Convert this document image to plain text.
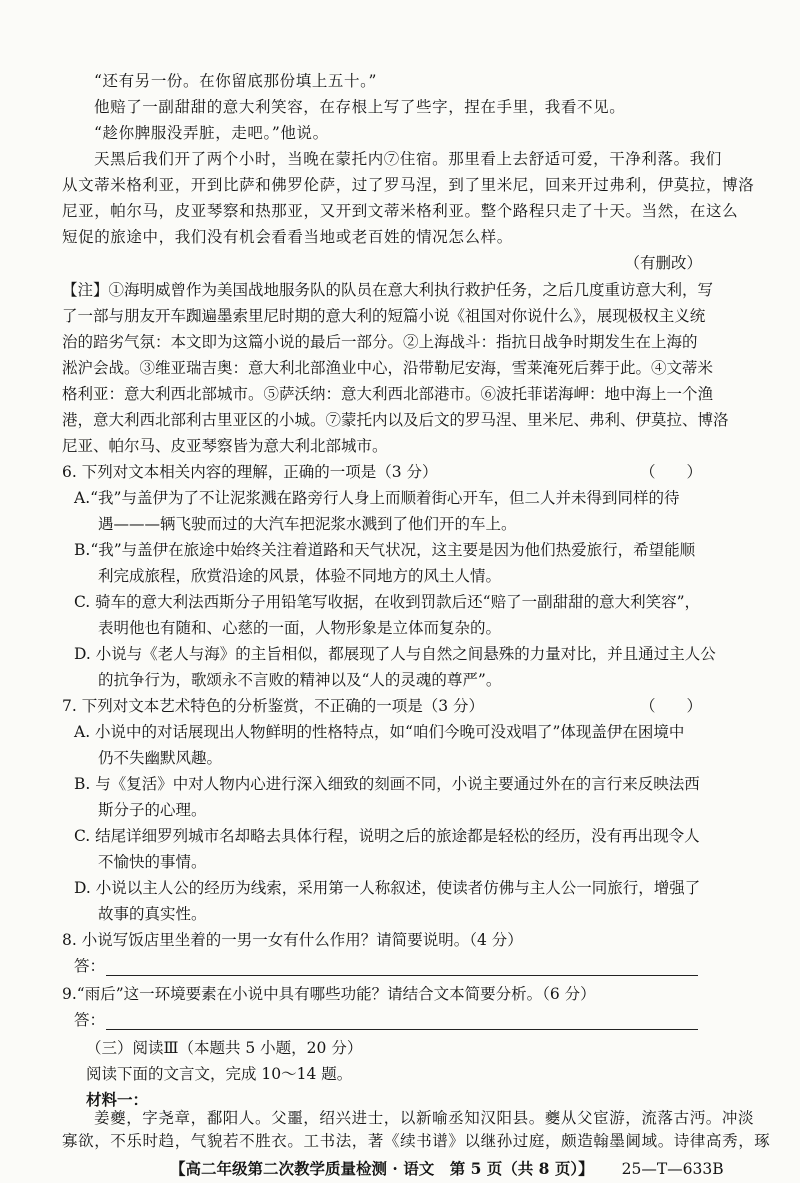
“还有另一份。在你留底那份填上五十。”
他赔了一副甜甜的意大利笑容，在存根上写了些字，捏在手里，我看不见。
“趁你脾服没弄脏，走吧。”他说。
天黑后我们开了两个小时，当晚在蒙托内⑦住宿。那里看上去舒适可爱，干净利落。我们
从文蒂米格利亚，开到比萨和佛罗伦萨，过了罗马涅，到了里米尼，回来开过弗利，伊莫拉，博洛
尼亚，帕尔马，皮亚琴察和热那亚，又开到文蒂米格利亚。整个路程只走了十天。当然，在这么
短促的旅途中，我们没有机会看看当地或老百姓的情况怎么样。
（有删改）
【注】①海明威曾作为美国战地服务队的队员在意大利执行救护任务，之后几度重访意大利，写
了一部与朋友开车踟遍墨索里尼时期的意大利的短篇小说《祖国对你说什么》，展现极权主义统
治的踣劣气氛：本文即为这篇小说的最后一部分。②上海战斗：指抗日战争时期发生在上海的
淞沪会战。③维亚瑞吉奥：意大利北部渔业中心，沿带勒尼安海，雪莱淹死后葬于此。④文蒂米
格利亚：意大利西北部城市。⑤萨沃纳：意大利西北部港市。⑥波托菲诺海岬：地中海上一个渔
港，意大利西北部利古里亚区的小城。⑦蒙托内以及后文的罗马涅、里米尼、弗利、伊莫拉、博洛
尼亚、帕尔马、皮亚琴察皆为意大利北部城市。
6. 下列对文本相关内容的理解，正确的一项是（3 分）	（　　）
A.“我”与盖伊为了不让泥浆溅在路旁行人身上而顺着街心开车，但二人并未得到同样的待
遇———辆飞驶而过的大汽车把泥浆水溅到了他们开的车上。
B.“我”与盖伊在旅途中始终关注着道路和天气状况，这主要是因为他们热爱旅行，希望能顺
利完成旅程，欣赏沿途的风景，体验不同地方的风土人情。
C. 骑车的意大利法西斯分子用铅笔写收据，在收到罚款后还“赔了一副甜甜的意大利笑容”，
表明他也有随和、心慈的一面，人物形象是立体而复杂的。
D. 小说与《老人与海》的主旨相似，都展现了人与自然之间悬殊的力量对比，并且通过主人公
的抗争行为，歌颂永不言败的精神以及“人的灵魂的尊严”。
7. 下列对文本艺术特色的分析鉴赏，不正确的一项是（3 分）	（　　）
A. 小说中的对话展现出人物鲜明的性格特点，如“咱们今晚可没戏唱了”体现盖伊在困境中
仍不失幽默风趣。
B. 与《复活》中对人物内心进行深入细致的刻画不同，小说主要通过外在的言行来反映法西
斯分子的心理。
C. 结尾详细罗列城市名却略去具体行程，说明之后的旅途都是轻松的经历，没有再出现令人
不愉快的事情。
D. 小说以主人公的经历为线索，采用第一人称叙述，使读者仿佛与主人公一同旅行，增强了
故事的真实性。
8. 小说写饭店里坐着的一男一女有什么作用？请简要说明。（4 分）
答：
9.“雨后”这一环境要素在小说中具有哪些功能？请结合文本简要分析。（6 分）
答：
（三）阅读Ⅲ（本题共 5 小题，20 分）
阅读下面的文言文，完成 10～14 题。
材料一：
姜夔，字尧章，鄱阳人。父噩，绍兴进士，以新喻丞知汉阳县。夔从父宦游，流落古沔。冲淡
寡欲，不乐时趋，气貌若不胜衣。工书法，著《续书谱》以继孙过庭，颇造翰墨阃域。诗律高秀，琢
【高二年级第二次教学质量检测 · 语文　第 5 页（共 8 页）】 25—T—633B
